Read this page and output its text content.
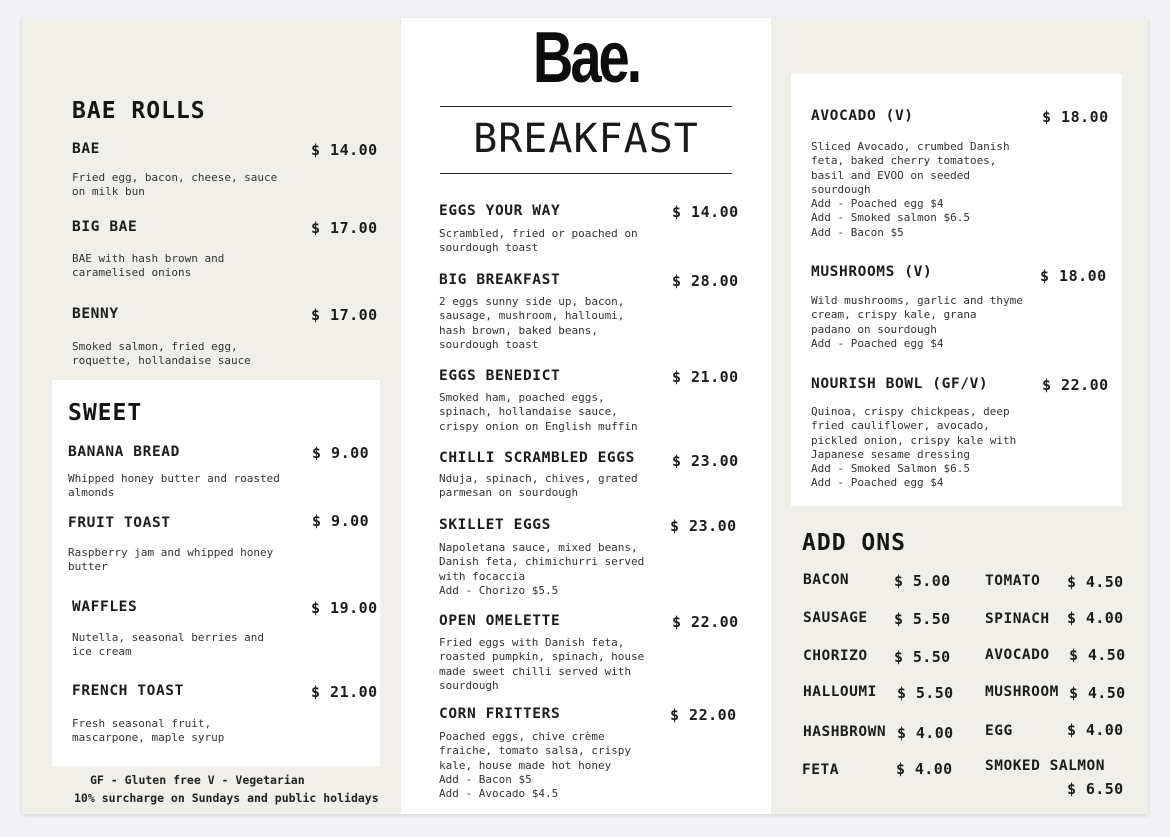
BAE ROLLS
BAE	$ 14.00
Fried egg, bacon, cheese, sauce
on milk bun
BIG BAE	$ 17.00
BAE with hash brown and
caramelised onions
BENNY	$ 17.00
Smoked salmon, fried egg,
roquette, hollandaise sauce
SWEET
BANANA BREAD	$ 9.00
Whipped honey butter and roasted
almonds
FRUIT TOAST	$ 9.00
Raspberry jam and whipped honey
butter
WAFFLES	$ 19.00
Nutella, seasonal berries and
ice cream
FRENCH TOAST	$ 21.00
Fresh seasonal fruit,
mascarpone, maple syrup
GF - Gluten free V - Vegetarian
10% surcharge on Sundays and public holidays
Bae.
BREAKFAST
EGGS YOUR WAY	$ 14.00
Scrambled, fried or poached on
sourdough toast
BIG BREAKFAST	$ 28.00
2 eggs sunny side up, bacon,
sausage, mushroom, halloumi,
hash brown, baked beans,
sourdough toast
EGGS BENEDICT	$ 21.00
Smoked ham, poached eggs,
spinach, hollandaise sauce,
crispy onion on English muffin
CHILLI SCRAMBLED EGGS $ 23.00
Nduja, spinach, chives, grated
parmesan on sourdough
SKILLET EGGS	$ 23.00
Napoletana sauce, mixed beans,
Danish feta, chimichurri served
with focaccia
Add - Chorizo $5.5
OPEN OMELETTE	$ 22.00
Fried eggs with Danish feta,
roasted pumpkin, spinach, house
made sweet chilli served with
sourdough
CORN FRITTERS	$ 22.00
Poached eggs, chive crème
fraiche, tomato salsa, crispy
kale, house made hot honey
Add - Bacon $5
Add - Avocado $4.5
AVOCADO (V)	$ 18.00
Sliced Avocado, crumbed Danish
feta, baked cherry tomatoes,
basil and EVOO on seeded
sourdough
Add - Poached egg $4
Add - Smoked salmon $6.5
Add - Bacon $5
MUSHROOMS (V)	$ 18.00
Wild mushrooms, garlic and thyme
cream, crispy kale, grana
padano on sourdough
Add - Poached egg $4
NOURISH BOWL (GF/V)	$ 22.00
Quinoa, crispy chickpeas, deep
fried cauliflower, avocado,
pickled onion, crispy kale with
Japanese sesame dressing
Add - Smoked Salmon $6.5
Add - Poached egg $4
ADD ONS
BACON	$ 5.00
SAUSAGE $ 5.50
CHORIZO $ 5.50
HALLOUMI $ 5.50
HASHBROWN $ 4.00
FETA	$ 4.00
TOMATO $ 4.50
SPINACH $ 4.00
AVOCADO $ 4.50
MUSHROOM $ 4.50
EGG	$ 4.00
SMOKED SALMON
$ 6.50
